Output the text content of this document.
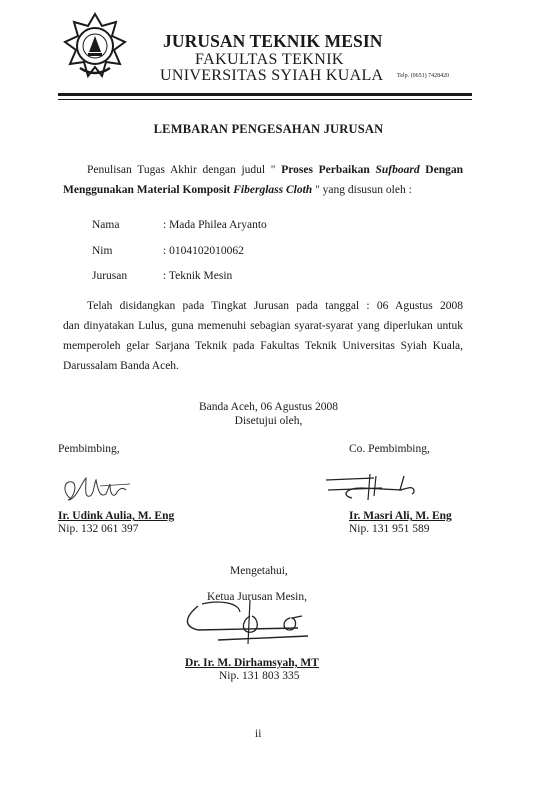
JURUSAN TEKNIK MESIN
FAKULTAS TEKNIK
UNIVERSITAS SYIAH KUALA Telp. (0651) 7428420
LEMBARAN PENGESAHAN JURUSAN
Penulisan Tugas Akhir dengan judul " Proses Perbaikan Sufboard Dengan
Menggunakan Material Komposit Fiberglass Cloth " yang disusun oleh :
Nama	: Mada Philea Aryanto
Nim	: 0104102010062
Jurusan	: Teknik Mesin
Telah disidangkan pada Tingkat Jurusan pada tanggal : 06 Agustus 2008
dan dinyatakan Lulus, guna memenuhi sebagian syarat-syarat yang diperlukan untuk
memperoleh gelar Sarjana Teknik pada Fakultas Teknik Universitas Syiah Kuala,
Darussalam Banda Aceh.
Banda Aceh, 06 Agustus 2008
Disetujui oleh,
Pembimbing,
Ir. Udink Aulia, M. Eng
Nip. 132 061 397
Co. Pembimbing,
Ir. Masri Ali, M. Eng
Nip. 131 951 589
Mengetahui,
Ketua Jurusan Mesin,
Dr. Ir. M. Dirhamsyah, MT
Nip. 131 803 335
ii
